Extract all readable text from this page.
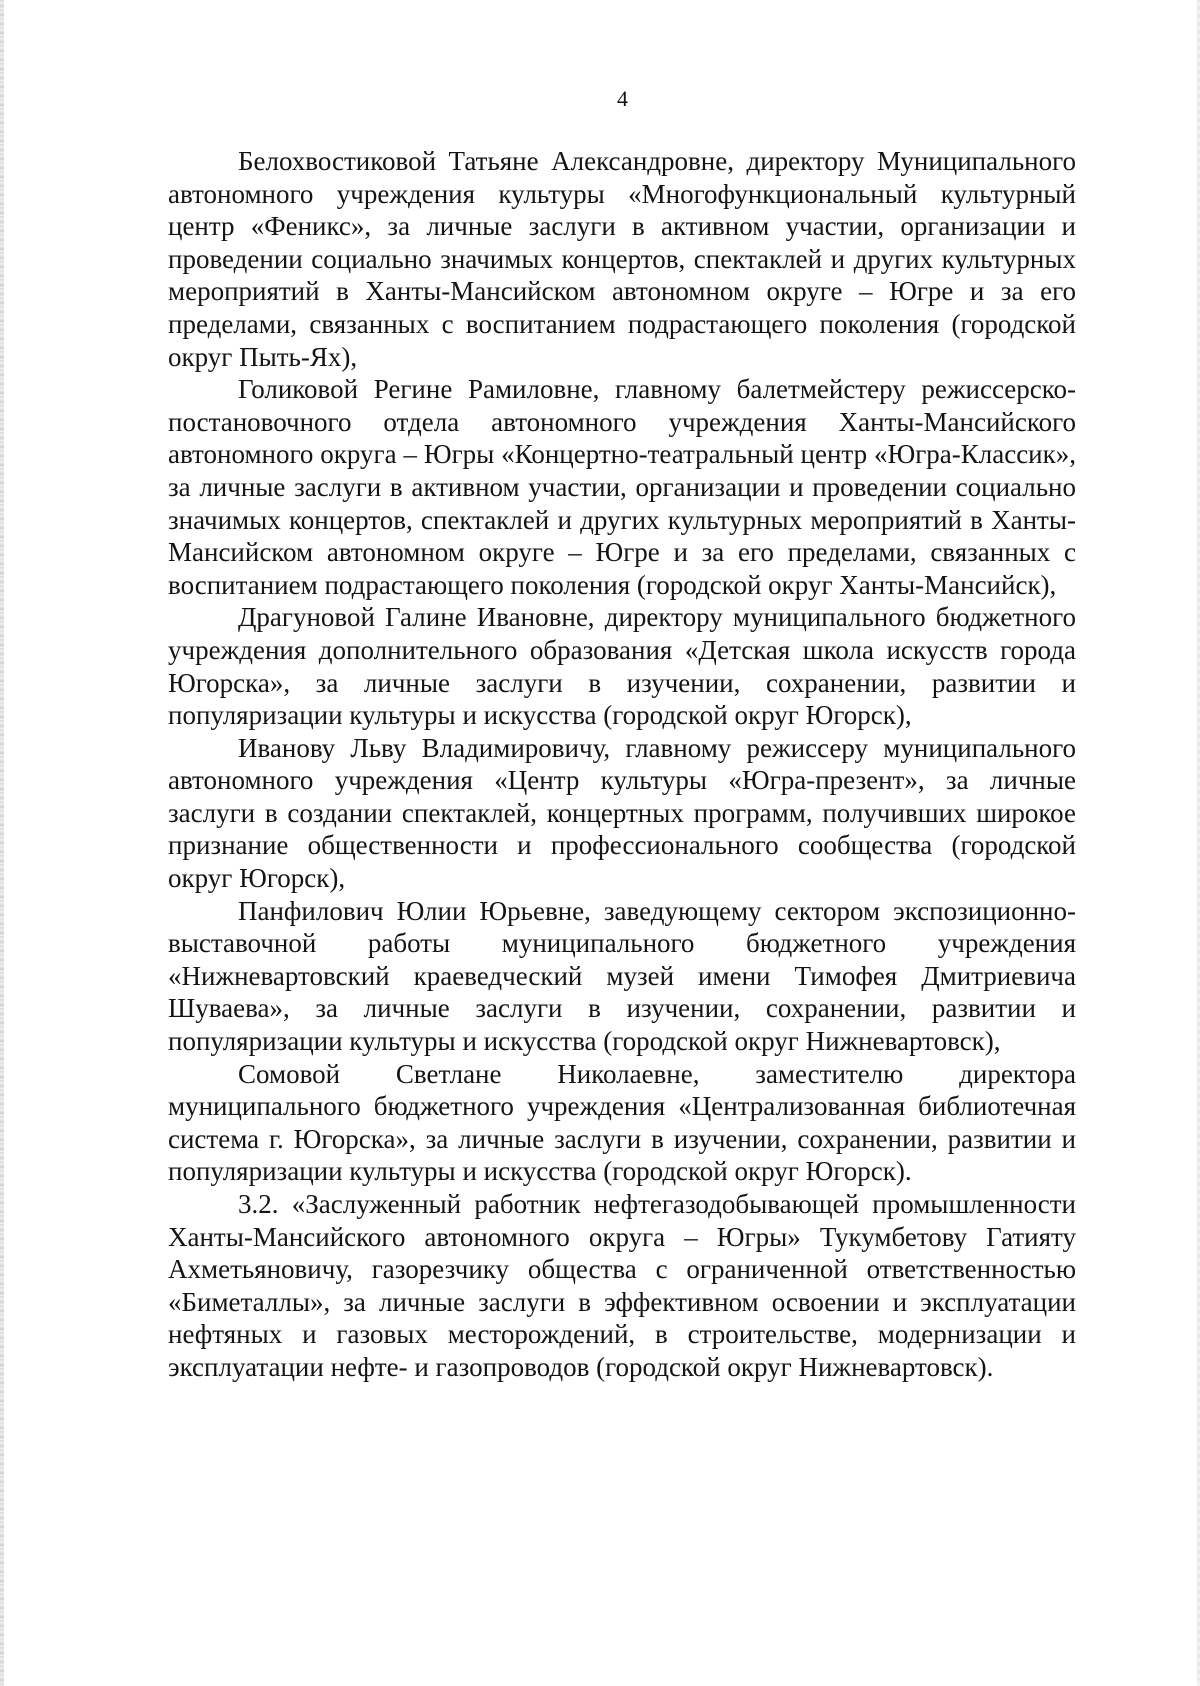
4

Белохвостиковой Татьяне Александровне, директору Муниципального автономного учреждения культуры «Многофункциональный культурный центр «Феникс», за личные заслуги в активном участии, организации и проведении социально значимых концертов, спектаклей и других культурных мероприятий в Ханты-Мансийском автономном округе – Югре и за его пределами, связанных с воспитанием подрастающего поколения (городской округ Пыть-Ях),

Голиковой Регине Рамиловне, главному балетмейстеру режиссерско-постановочного отдела автономного учреждения Ханты-Мансийского автономного округа – Югры «Концертно-театральный центр «Югра-Классик», за личные заслуги в активном участии, организации и проведении социально значимых концертов, спектаклей и других культурных мероприятий в Ханты-Мансийском автономном округе – Югре и за его пределами, связанных с воспитанием подрастающего поколения (городской округ Ханты-Мансийск),

Драгуновой Галине Ивановне, директору муниципального бюджетного учреждения дополнительного образования «Детская школа искусств города Югорска», за личные заслуги в изучении, сохранении, развитии и популяризации культуры и искусства (городской округ Югорск),

Иванову Льву Владимировичу, главному режиссеру муниципального автономного учреждения «Центр культуры «Югра-презент», за личные заслуги в создании спектаклей, концертных программ, получивших широкое признание общественности и профессионального сообщества (городской округ Югорск),

Панфилович Юлии Юрьевне, заведующему сектором экспозиционно-выставочной работы муниципального бюджетного учреждения «Нижневартовский краеведческий музей имени Тимофея Дмитриевича Шуваева», за личные заслуги в изучении, сохранении, развитии и популяризации культуры и искусства (городской округ Нижневартовск),

Сомовой Светлане Николаевне, заместителю директора муниципального бюджетного учреждения «Централизованная библиотечная система г. Югорска», за личные заслуги в изучении, сохранении, развитии и популяризации культуры и искусства (городской округ Югорск).

3.2. «Заслуженный работник нефтегазодобывающей промышленности Ханты-Мансийского автономного округа – Югры» Тукумбетову Гатияту Ахметьяновичу, газорезчику общества с ограниченной ответственностью «Биметаллы», за личные заслуги в эффективном освоении и эксплуатации нефтяных и газовых месторождений, в строительстве, модернизации и эксплуатации нефте- и газопроводов (городской округ Нижневартовск).
